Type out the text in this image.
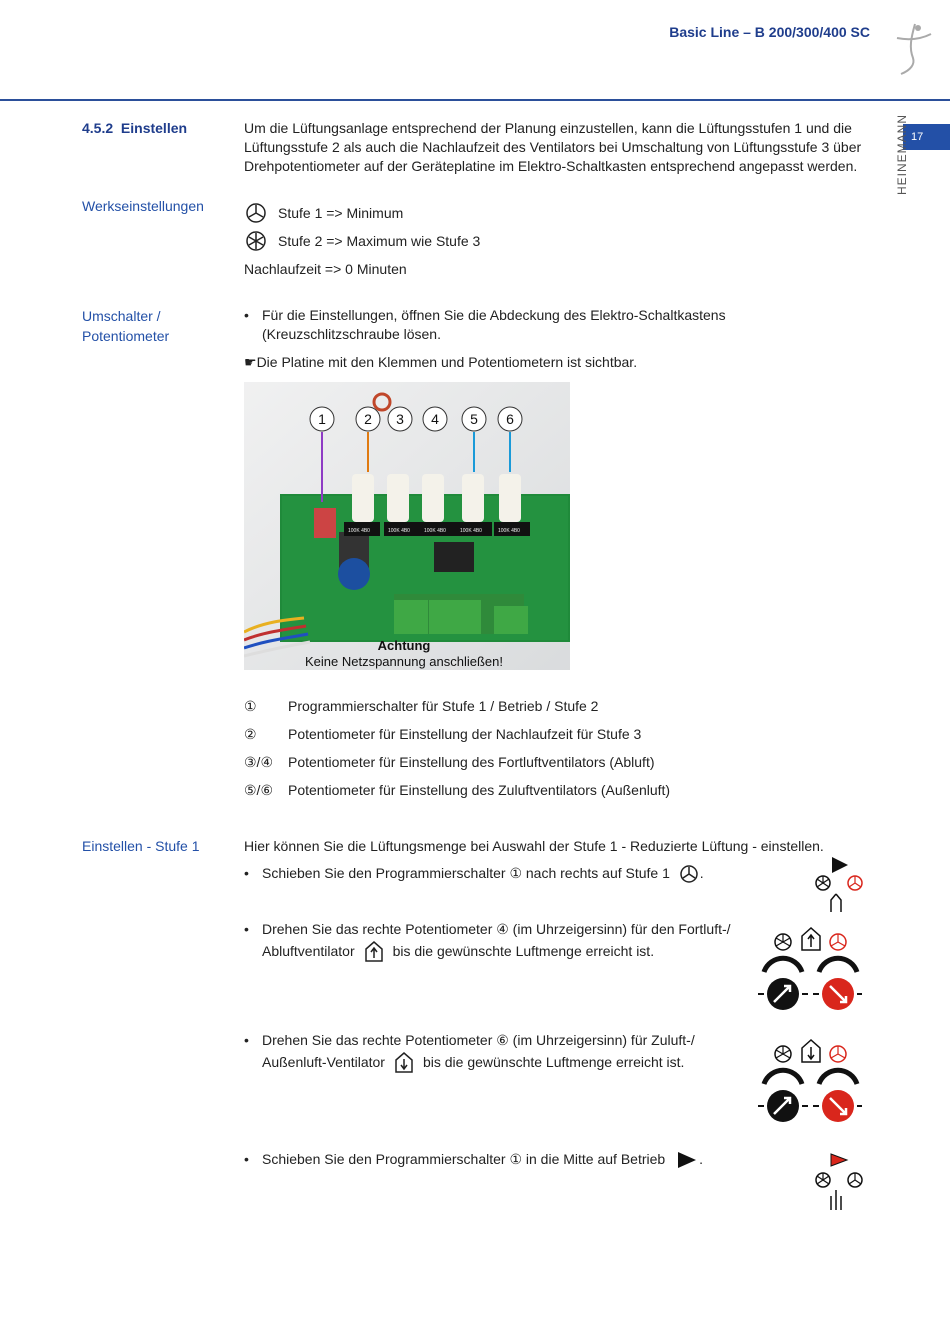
Basic Line – B 200/300/400 SC
17
HEINEMANN
4.5.2 Einstellen	Um die Lüftungsanlage entsprechend der Planung einzustellen, kann die Lüftungsstufen 1 und die Lüftungsstufe 2 als auch die Nachlaufzeit des Ventilators bei Umschaltung von Lüftungsstufe 3 über Drehpotentiometer auf der Geräteplatine im Elektro-Schaltkasten entsprechend angepasst werden.
Werkseinstellungen	Stufe 1 => Minimum
Stufe 2 => Maximum wie Stufe 3
Nachlaufzeit => 0 Minuten
Umschalter /
Potentiometer
• Für die Einstellungen, öffnen Sie die Abdeckung des Elektro-Schaltkastens (Kreuzschlitzschraube lösen.
☛ Die Platine mit den Klemmen und Potentiometern ist sichtbar.
100K 4B0	100K 4B0	100K 4B0	100K 4B0	100K 4B0
1	2 3 4 5 6
Achtung
Keine Netzspannung anschließen!
① Programmierschalter für Stufe 1 / Betrieb / Stufe 2
② Potentiometer für Einstellung der Nachlaufzeit für Stufe 3
③/④ Potentiometer für Einstellung des Fortluftventilators (Abluft)
⑤/⑥ Potentiometer für Einstellung des Zuluftventilators (Außenluft)
Einstellen - Stufe 1	Hier können Sie die Lüftungsmenge bei Auswahl der Stufe 1 - Reduzierte Lüftung - einstellen.
• Schieben Sie den Programmierschalter ① nach rechts auf Stufe 1 .
• Drehen Sie das rechte Potentiometer ④ (im Uhrzeigersinn) für den Fortluft-/
Abluftventilator	bis die gewünschte Luftmenge erreicht ist.
• Drehen Sie das rechte Potentiometer ⑥ (im Uhrzeigersinn) für Zuluft-/
Außenluft-Ventilator	bis die gewünschte Luftmenge erreicht ist.
• Schieben Sie den Programmierschalter ① in die Mitte auf Betrieb .
